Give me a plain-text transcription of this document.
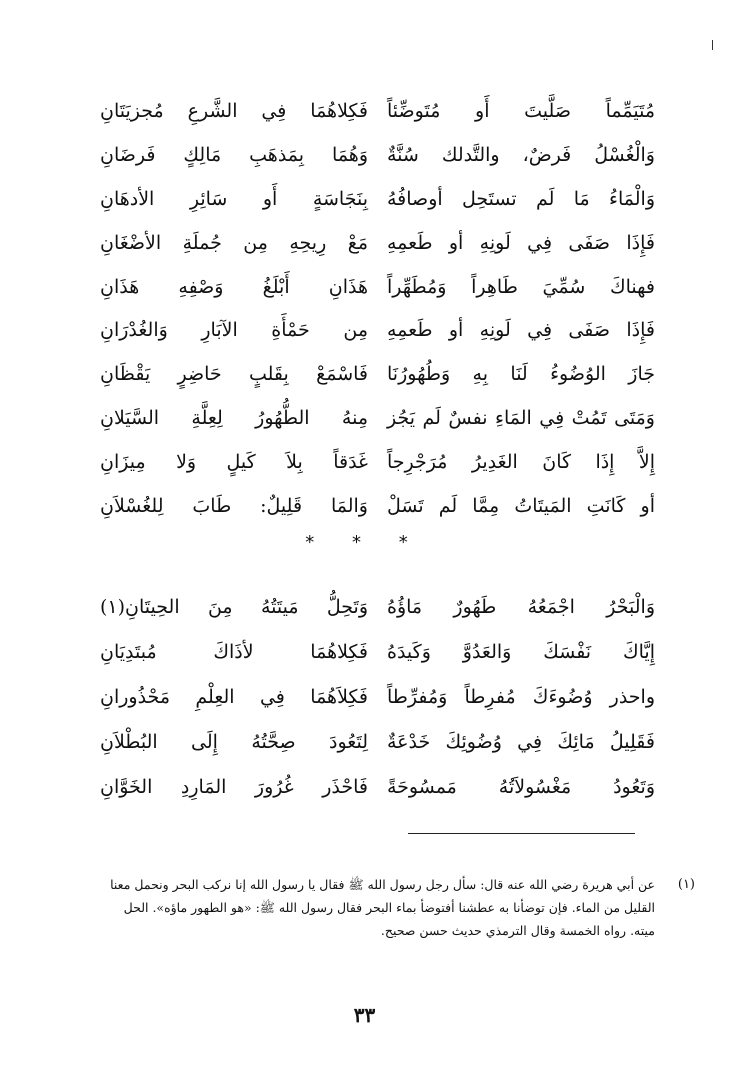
مُتَيَمِّماً صَلَّيتَ أَو مُتَوضِّئاً
فَكِلاهُمَا فِي الشَّرعِ مُجزيَتَانِ
وَالْغُسْلُ فَرضٌ، والتَّدلك سُنَّةٌ
وَهُمَا بِمَذهَبِ مَالِكٍ فَرضَانِ
وَالْمَاءُ مَا لَم تستَحِل أوصافُهُ
بِنَجَاسَةٍ أَو سَائِرِ الأدهَانِ
فَإِذَا صَفَى فِي لَونِهِ أو طَعمِهِ
مَعْ رِيحِهِ مِن جُملَةِ الأضْغَانِ
فهناكَ سُمِّيَ طَاهِراً وَمُطَهِّراً
هَذَانِ أَبْلَغُ وَصْفِهِ هَذَانِ
فَإِذَا صَفَى فِي لَونِهِ أو طَعمِهِ
مِن حَمْأَةِ الآبَارِ وَالغُدْرَانِ
جَازَ الوُضُوءُ لَنَا بِهِ وَطُهُورُنَا
فَاسْمَعْ بِقَلبٍ حَاضِرٍ يَقْظَانِ
وَمَتَى تَمُتْ فِي المَاءِ نفسٌ لَم يَجُز
مِنهُ الطُّهُورُ لِعِلَّةِ السَّيَلانِ
إِلاَّ إِذَا كَانَ الغَدِيرُ مُرَجْرِجاً
غَدَقاً بِلاَ كَيلٍ وَلا مِيزَانِ
أو كَانَتِ المَيتَاتُ مِمَّا لَم تَسَلْ
وَالمَا قَلِيلٌ: طَابَ لِلغُسْلاَنِ
* * *
وَالْبَحْرُ اجْمَعُهُ طَهُورٌ مَاؤُهُ
وَتَحِلُّ مَيتَتُهُ مِنَ الحِيتَانِ(١)
إِيَّاكَ نَفْسَكَ وَالعَدُوَّ وَكَيدَهُ
فَكِلاهُمَا لأذَاكَ مُبتَدِيَانِ
واحذر وُضُوءَكَ مُفرِطاً وَمُفرِّطاً
فَكِلاَهُمَا فِي العِلْمِ مَحْذُورانِ
فَقَلِيلُ مَائِكَ فِي وُضُوئِكَ خَدْعَةٌ
لِتَعُودَ صِحَّتُهُ إِلَى البُطْلاَنِ
وَتَعُودُ مَغْسُولاَتُهُ مَمسُوحَةً
فَاحْذَر غُرُورَ المَارِدِ الخَوَّانِ
(١)

عن أبي هريرة رضي الله عنه قال: سأل رجل رسول الله ﷺ فقال يا رسول الله إنا نركب البحر ونحمل معنا القليل من الماء. فإن توضأنا به عطشنا أفتوضأ بماء البحر فقال رسول الله ﷺ: «هو الطهور ماؤه». الحل ميته. رواه الخمسة وقال الترمذي حديث حسن صحيح.

٣٣
